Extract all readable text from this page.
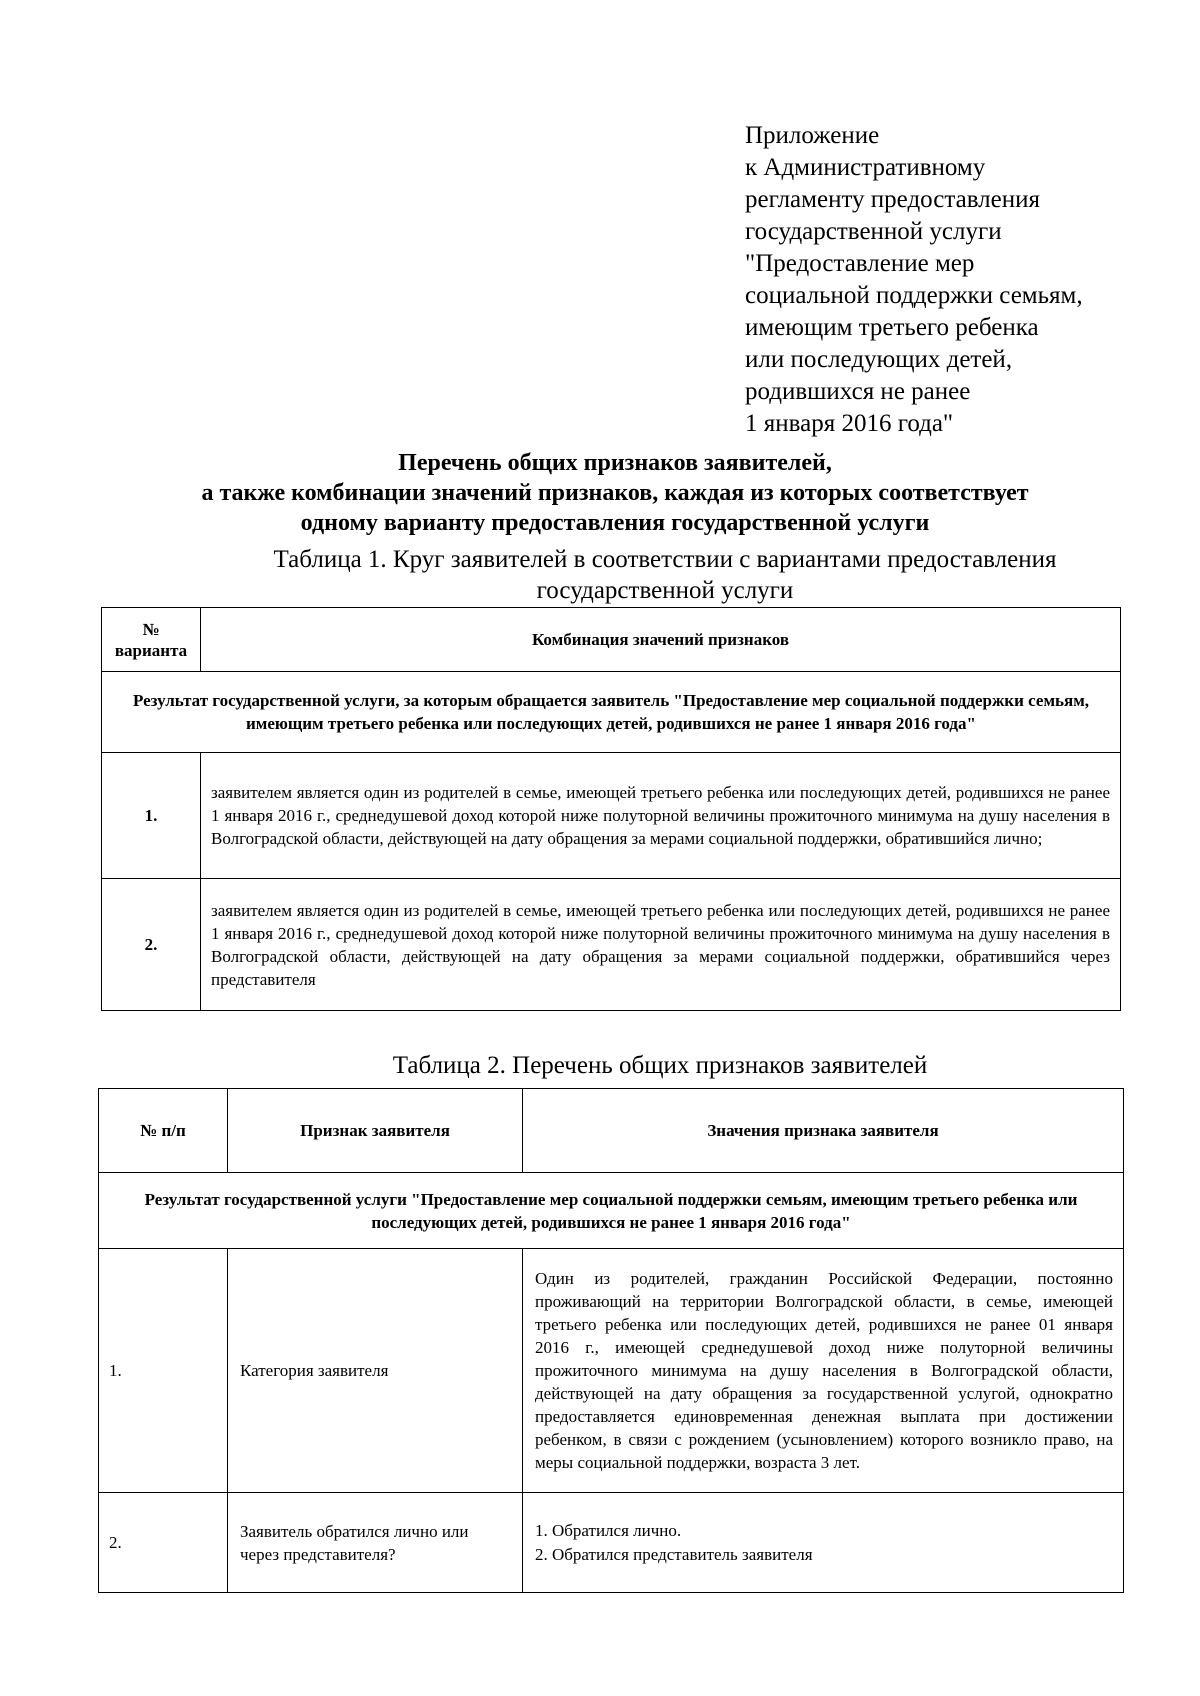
Приложение
к Административному
регламенту предоставления
государственной услуги
"Предоставление мер
социальной поддержки семьям,
имеющим третьего ребенка
или последующих детей,
родившихся не ранее
1 января 2016 года"
Перечень общих признаков заявителей,
а также комбинации значений признаков, каждая из которых соответствует
одному варианту предоставления государственной услуги
Таблица 1. Круг заявителей в соответствии с вариантами предоставления государственной услуги
№
варианта	Комбинация значений признаков
Результат государственной услуги, за которым обращается заявитель "Предоставление мер социальной поддержки семьям, имеющим третьего ребенка или последующих детей, родившихся не ранее 1 января 2016 года"	
1.	заявителем является один из родителей в семье, имеющей третьего ребенка или последующих детей, родившихся не ранее 1 января 2016 г., среднедушевой доход которой ниже полуторной величины прожиточного минимума на душу населения в Волгоградской области, действующей на дату обращения за мерами социальной поддержки, обратившийся лично;
2.	заявителем является один из родителей в семье, имеющей третьего ребенка или последующих детей, родившихся не ранее 1 января 2016 г., среднедушевой доход которой ниже полуторной величины прожиточного минимума на душу населения в Волгоградской области, действующей на дату обращения за мерами социальной поддержки, обратившийся через представителя
Таблица 2. Перечень общих признаков заявителей
№ п/п	Признак заявителя	Значения признака заявителя
Результат государственной услуги "Предоставление мер социальной поддержки семьям, имеющим третьего ребенка или последующих детей, родившихся не ранее 1 января 2016 года"		
1.	Категория заявителя	Один из родителей, гражданин Российской Федерации, постоянно проживающий на территории Волгоградской области, в семье, имеющей третьего ребенка или последующих детей, родившихся не ранее 01 января 2016 г., имеющей среднедушевой доход ниже полуторной величины прожиточного минимума на душу населения в Волгоградской области, действующей на дату обращения за государственной услугой, однократно предоставляется единовременная денежная выплата при достижении ребенком, в связи с рождением (усыновлением) которого возникло право, на меры социальной поддержки, возраста 3 лет.
2.	Заявитель обратился лично или через представителя?	1. Обратился лично.
2. Обратился представитель заявителя
